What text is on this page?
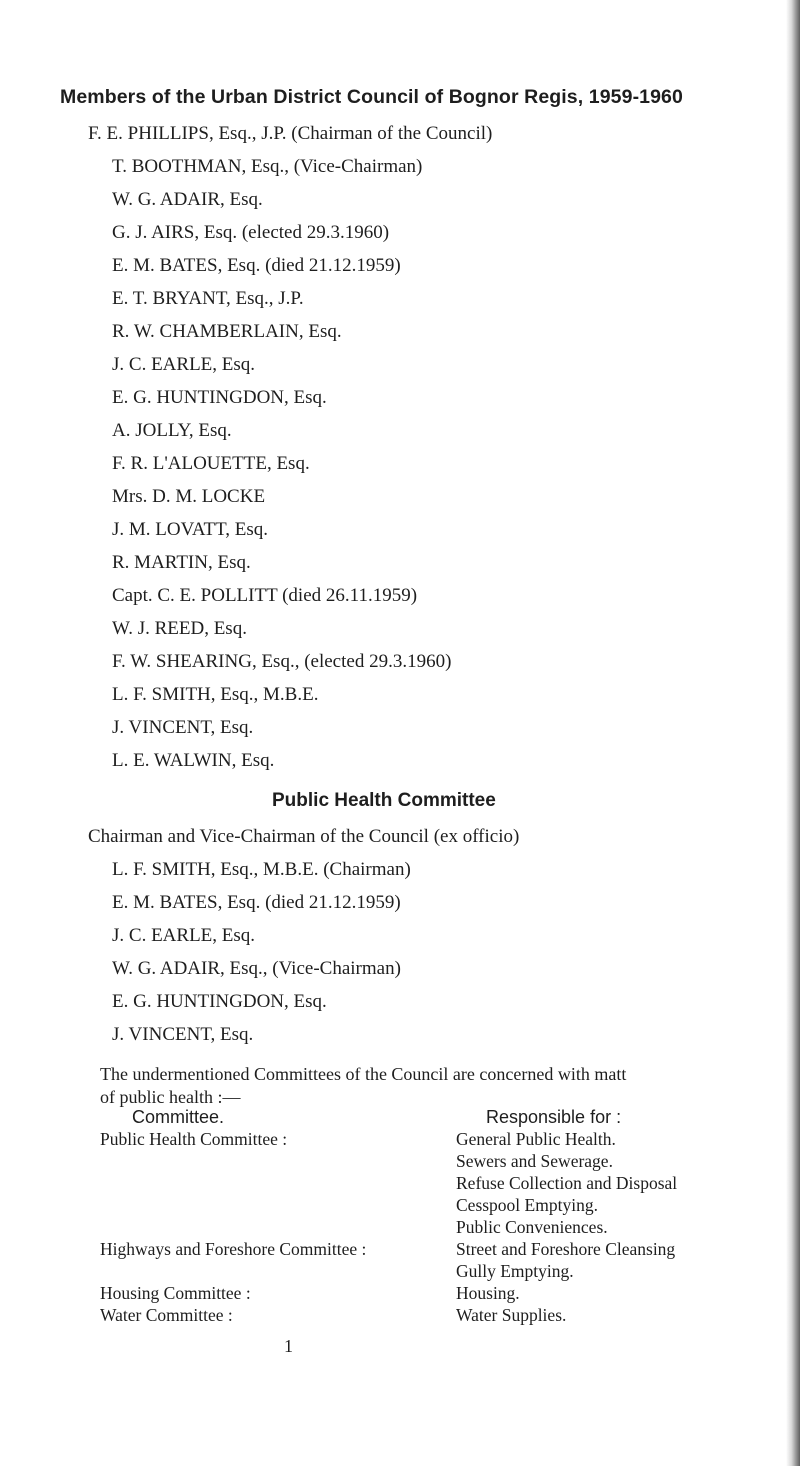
Members of the Urban District Council of Bognor Regis, 1959-1960
F. E. PHILLIPS, Esq., J.P. (Chairman of the Council)
T. BOOTHMAN, Esq., (Vice-Chairman)
W. G. ADAIR, Esq.
G. J. AIRS, Esq. (elected 29.3.1960)
E. M. BATES, Esq. (died 21.12.1959)
E. T. BRYANT, Esq., J.P.
R. W. CHAMBERLAIN, Esq.
J. C. EARLE, Esq.
E. G. HUNTINGDON, Esq.
A. JOLLY, Esq.
F. R. L'ALOUETTE, Esq.
Mrs. D. M. LOCKE
J. M. LOVATT, Esq.
R. MARTIN, Esq.
Capt. C. E. POLLITT (died 26.11.1959)
W. J. REED, Esq.
F. W. SHEARING, Esq., (elected 29.3.1960)
L. F. SMITH, Esq., M.B.E.
J. VINCENT, Esq.
L. E. WALWIN, Esq.
Public Health Committee
Chairman and Vice-Chairman of the Council (ex officio)
L. F. SMITH, Esq., M.B.E. (Chairman)
E. M. BATES, Esq. (died 21.12.1959)
J. C. EARLE, Esq.
W. G. ADAIR, Esq., (Vice-Chairman)
E. G. HUNTINGDON, Esq.
J. VINCENT, Esq.
The undermentioned Committees of the Council are concerned with matt
of public health :—
Committee.	Responsible for :
Public Health Committee :	General Public Health.
Sewers and Sewerage.
Refuse Collection and Disposal
Cesspool Emptying.
Public Conveniences.
Highways and Foreshore Committee :	Street and Foreshore Cleansing
Gully Emptying.
Housing Committee :	Housing.
Water Committee :	Water Supplies.
1
